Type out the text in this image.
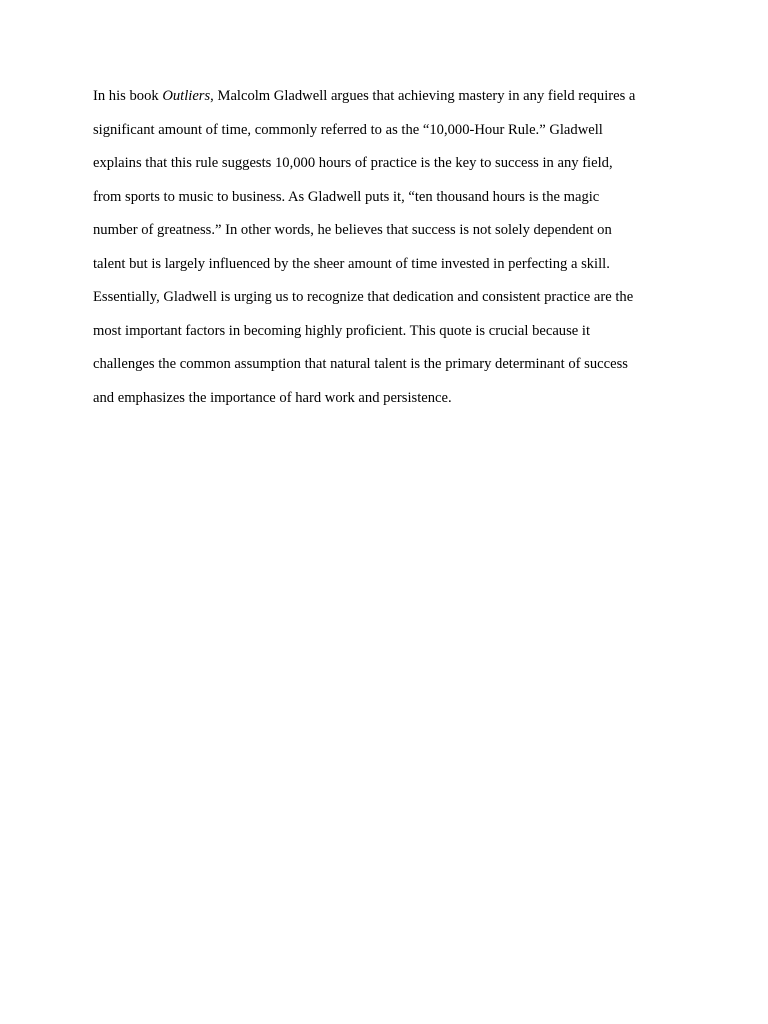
In his book Outliers, Malcolm Gladwell argues that achieving mastery in any field requires a
significant amount of time, commonly referred to as the “10,000-Hour Rule.” Gladwell
explains that this rule suggests 10,000 hours of practice is the key to success in any field,
from sports to music to business. As Gladwell puts it, “ten thousand hours is the magic
number of greatness.” In other words, he believes that success is not solely dependent on
talent but is largely influenced by the sheer amount of time invested in perfecting a skill.
Essentially, Gladwell is urging us to recognize that dedication and consistent practice are the
most important factors in becoming highly proficient. This quote is crucial because it
challenges the common assumption that natural talent is the primary determinant of success
and emphasizes the importance of hard work and persistence.
